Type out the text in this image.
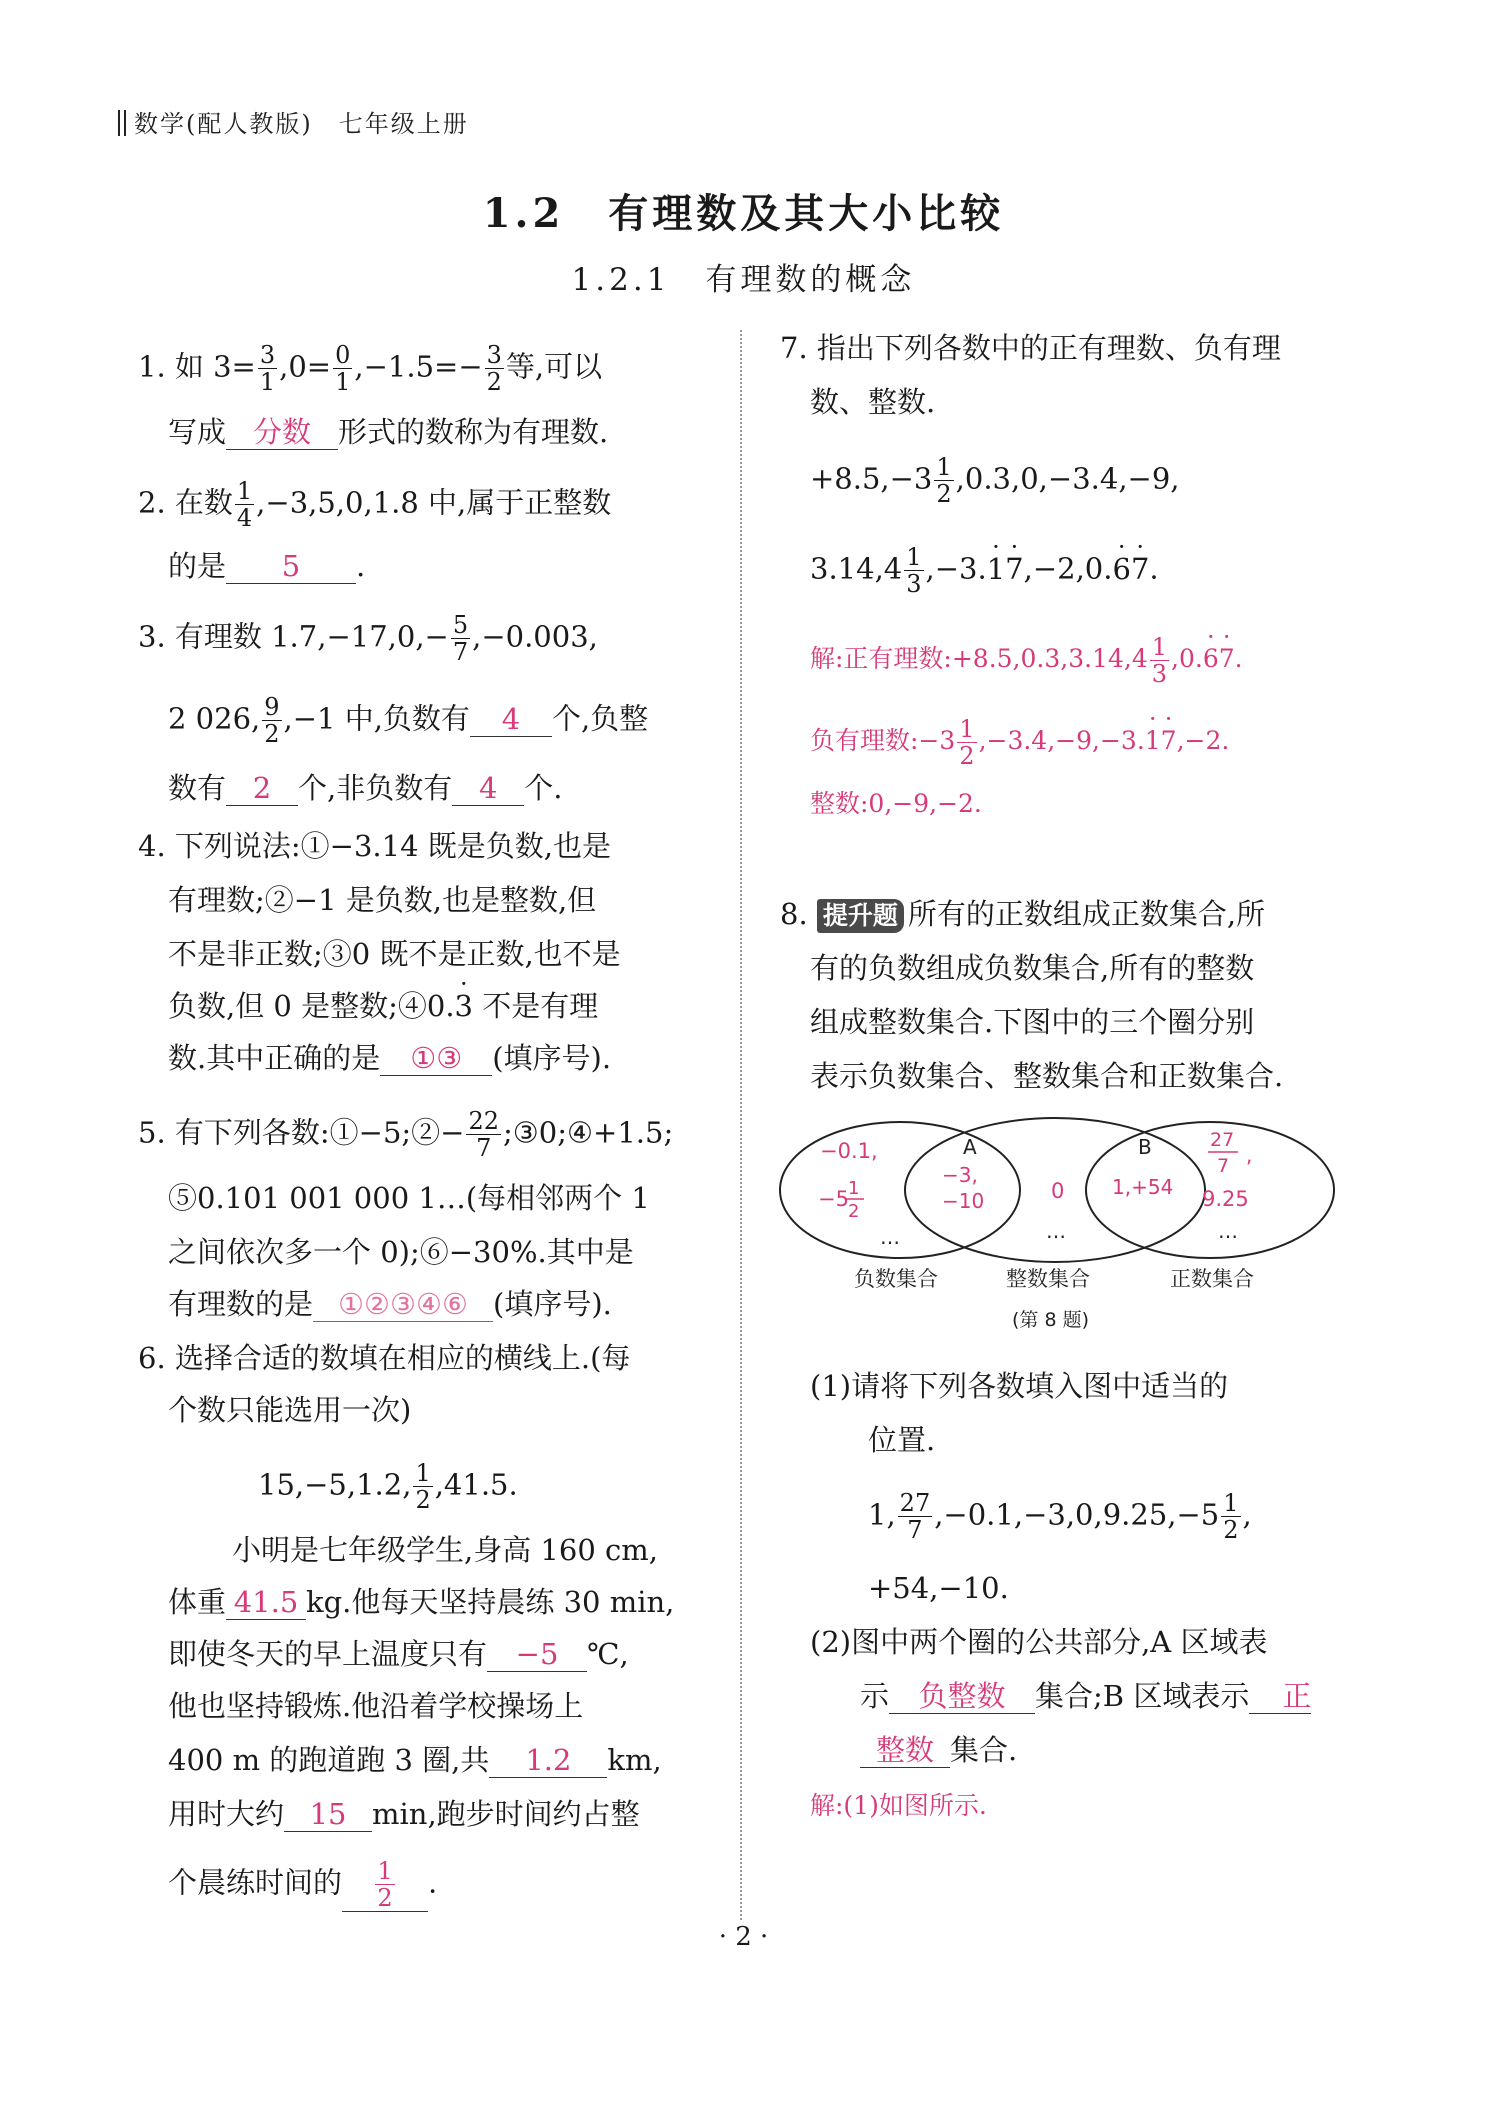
数学(配人教版)　七年级上册
1.2　有理数及其大小比较
1.2.1　有理数的概念
1. 如 $3= \frac{3}{1} ,0= \frac{0}{1} ,-1.5=- \frac{3}{2}$ 等,可以
写成 分数 形式的数称为有理数.
2. 在数 $\frac{1}{4} ,-3,5,0,1.8$ 中,属于正整数
的是 5 .
3. 有理数 $1.7,-17,0,- \frac{5}{7} ,-0.003$,
2 026, $\frac{9}{2} ,-1$ 中,负数有 4 个,负整
数有 2 个,非负数有 4 个.
4. 下列说法:①−3.14 既是负数,也是
有理数;②−1 是负数,也是整数,但
不是非正数;③0 既不是正数,也不是
负数,但 0 是整数;④0.· 3 不是有理
数.其中正确的是 ①③ (填序号).
5. 有下列各数:①−5;②− $\frac{22}{7}$ ;③0;④+1.5;
⑤0.101 001 000 1…(每相邻两个 1
之间依次多一个 0);⑥−30%.其中是
有理数的是 ①②③④⑥ (填序号).
6. 选择合适的数填在相应的横线上.(每
个数只能选用一次)
15,−5,1.2, $\frac{1}{2} ,41.5$.
小明是七年级学生,身高 160 cm,
体重 41.5 kg.他每天坚持晨练 30 min,
即使冬天的早上温度只有 −5 ℃,
他也坚持锻炼.他沿着学校操场上
400 m 的跑道跑 3 圈,共 1.2 km,
用时大约 15 min,跑步时间约占整
个晨练时间的 $\frac{1}{2}$ .
7. 指出下列各数中的正有理数、负有理
数、整数.
$+8.5,-3 \frac{1}{2} ,0.3,0,-3.4,-9$,
$3.14,4 \frac{1}{3} ,-3.\cdot 1\cdot 7,-2,0.\cdot 6\cdot 7$.
解:正有理数:+8.5,0.3,3.14,4 $\frac{1}{3} ,0.\cdot 6\cdot 7$.
负有理数:−3 $\frac{1}{2} ,-3.4,-9,-3.\cdot 1\cdot 7,-2$.
整数:0,−9,−2.
8. 提升题 所有的正数组成正数集合,所
有的负数组成负数集合,所有的整数
组成整数集合.下图中的三个圈分别
表示负数集合、整数集合和正数集合.
−0.1,
−5 1
2
…
A
−3,
−10	0
…
B
1,+54
27
7 ,
9.25
…
负数集合	整数集合	正数集合
(第 8 题)
(1)请将下列各数填入图中适当的
位置.
1, $\frac{27}{7} ,-0.1,-3,0,9.25,-5 \frac{1}{2}$ ,
+54,−10.
(2)图中两个圈的公共部分,A 区域表
示 负整数 集合;B 区域表示 正
整数 集合.
解:(1)如图所示.
· 2 ·
